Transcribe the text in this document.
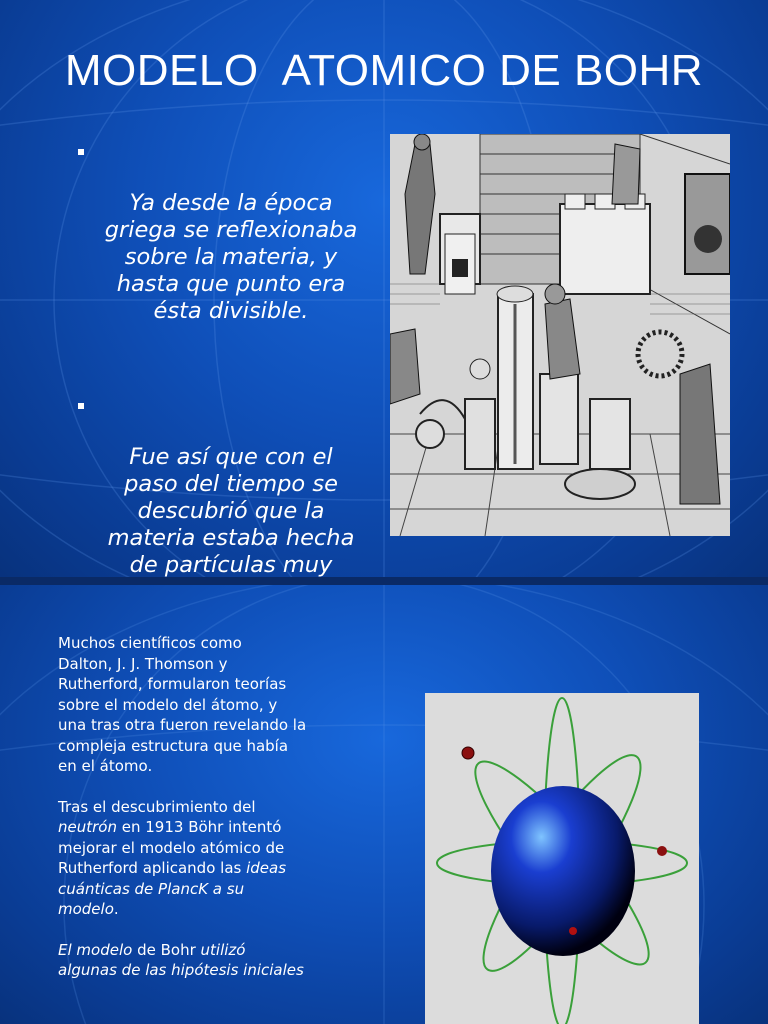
MODELO  ATOMICO DE BOHR

Ya desde la época
griega se reflexionaba
sobre la materia, y
hasta que punto era
ésta divisible.

Fue así que con el
paso del tiempo se
descubrió que la
materia estaba hecha
de partículas muy

Muchos científicos como
Dalton, J. J. Thomson y
Rutherford, formularon teorías
sobre el modelo del átomo, y
una tras otra fueron revelando la
compleja estructura que había
en el átomo.

Tras el descubrimiento del
neutrón en 1913 Böhr intentó
mejorar el modelo atómico de
Rutherford aplicando las ideas
cuánticas de PlancK a su
modelo.

El modelo de Bohr utilizó
algunas de las hipótesis iniciales
